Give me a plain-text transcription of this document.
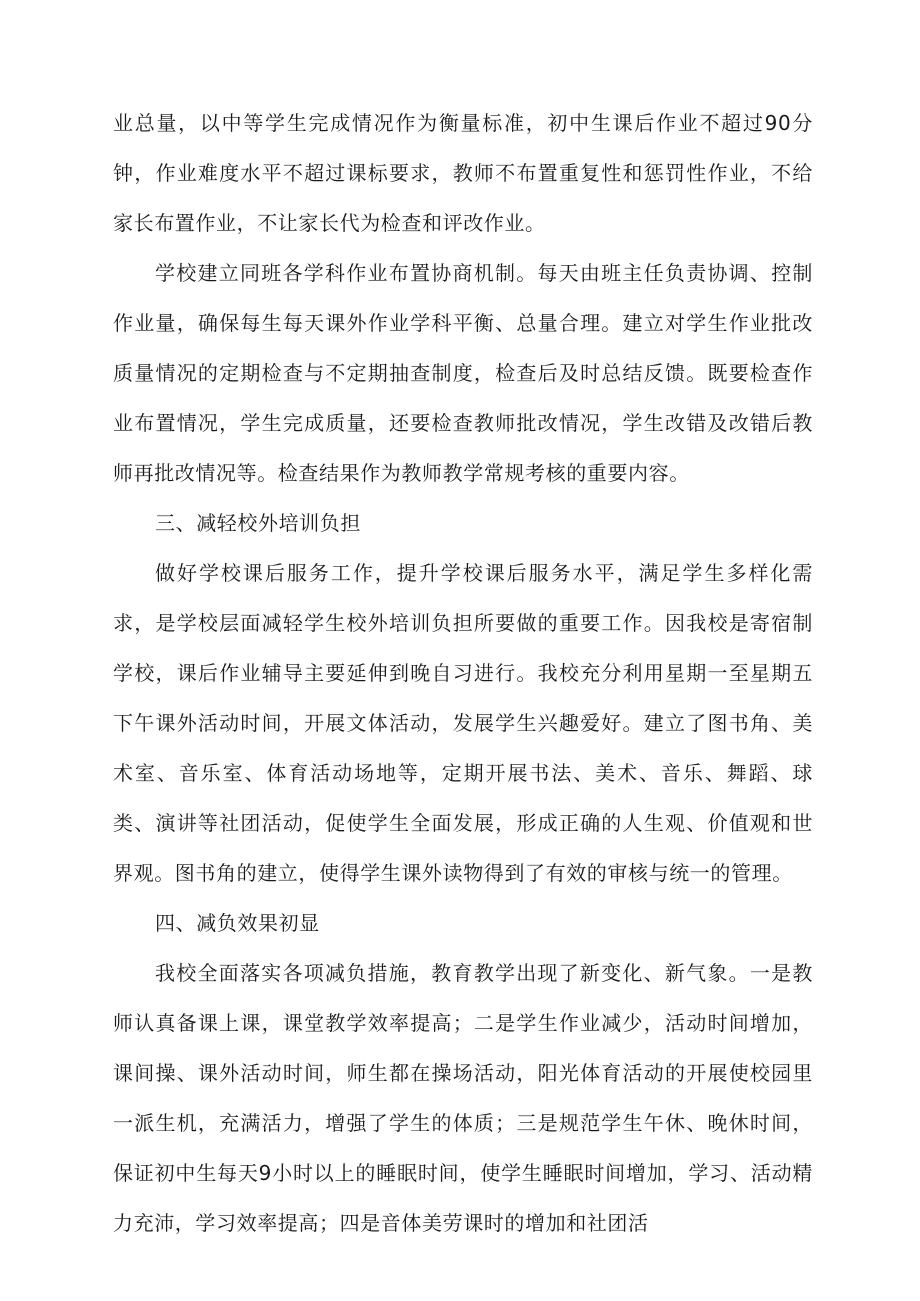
业总量，以中等学生完成情况作为衡量标准，初中生课后作业不超过90分钟，作业难度水平不超过课标要求，教师不布置重复性和惩罚性作业，不给家长布置作业，不让家长代为检查和评改作业。

学校建立同班各学科作业布置协商机制。每天由班主任负责协调、控制作业量，确保每生每天课外作业学科平衡、总量合理。建立对学生作业批改质量情况的定期检查与不定期抽查制度，检查后及时总结反馈。既要检查作业布置情况，学生完成质量，还要检查教师批改情况，学生改错及改错后教师再批改情况等。检查结果作为教师教学常规考核的重要内容。

三、减轻校外培训负担

做好学校课后服务工作，提升学校课后服务水平，满足学生多样化需求，是学校层面减轻学生校外培训负担所要做的重要工作。因我校是寄宿制学校，课后作业辅导主要延伸到晚自习进行。我校充分利用星期一至星期五下午课外活动时间，开展文体活动，发展学生兴趣爱好。建立了图书角、美术室、音乐室、体育活动场地等，定期开展书法、美术、音乐、舞蹈、球类、演讲等社团活动，促使学生全面发展，形成正确的人生观、价值观和世界观。图书角的建立，使得学生课外读物得到了有效的审核与统一的管理。

四、减负效果初显

我校全面落实各项减负措施，教育教学出现了新变化、新气象。一是教师认真备课上课，课堂教学效率提高；二是学生作业减少，活动时间增加，课间操、课外活动时间，师生都在操场活动，阳光体育活动的开展使校园里一派生机，充满活力，增强了学生的体质；三是规范学生午休、晚休时间，保证初中生每天9小时以上的睡眠时间，使学生睡眠时间增加，学习、活动精力充沛，学习效率提高；四是音体美劳课时的增加和社团活
